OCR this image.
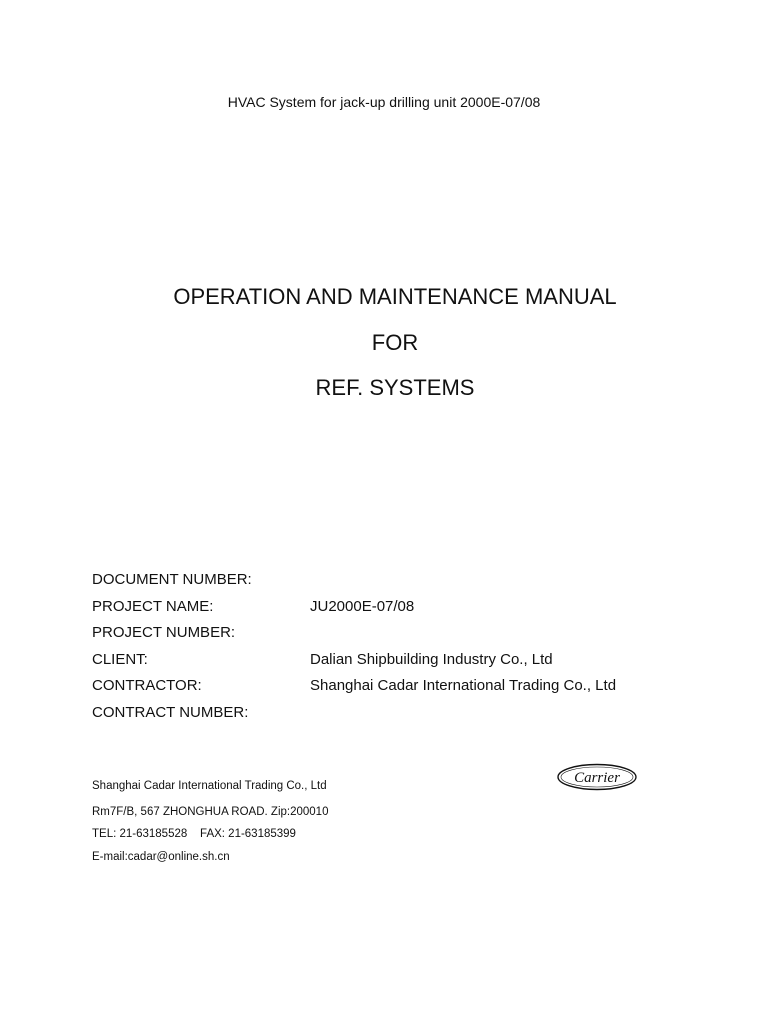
HVAC System for jack-up drilling unit 2000E-07/08
OPERATION AND MAINTENANCE MANUAL
FOR
REF. SYSTEMS
DOCUMENT NUMBER:
PROJECT NAME:	JU2000E-07/08
PROJECT NUMBER:
CLIENT:	Dalian Shipbuilding Industry Co., Ltd
CONTRACTOR:	Shanghai Cadar International Trading Co., Ltd
CONTRACT NUMBER:
Shanghai Cadar International Trading Co., Ltd
Rm7F/B, 567 ZHONGHUA ROAD. Zip:200010
TEL: 21-63185528    FAX: 21-63185399
E-mail:cadar@online.sh.cn
Carrier
